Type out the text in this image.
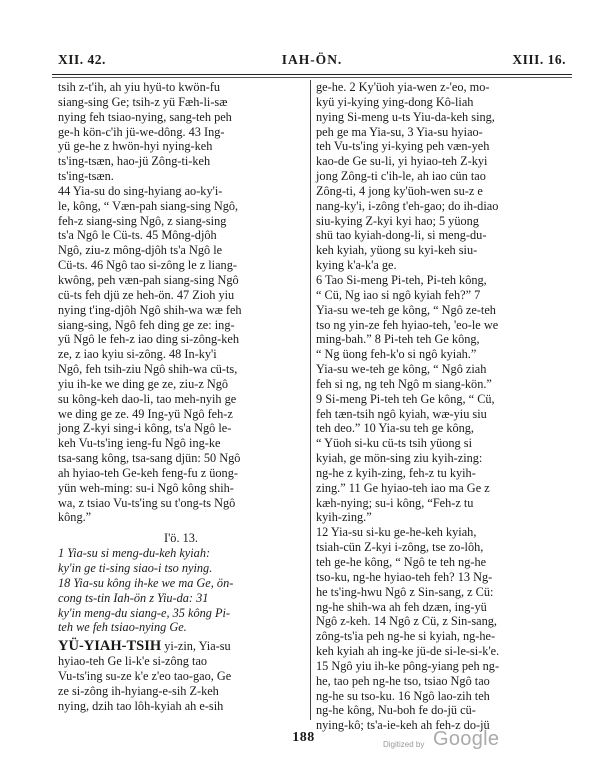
XII. 42.	IAH-ÖN.	XIII. 16.
tsih z-t'ih, ah yiu hyü-to kwön-fu
siang-sing Ge; tsih-z yü Fæh-li-sæ
nying feh tsiao-nying, sang-teh peh
ge-h kön-c'ih jü-we-dông. 43 Ing-
yü ge-he z hwön-hyi nying-keh
ts'ing-tsæn, hao-jü Zông-ti-keh
ts'ing-tsæn.
44 Yia-su do sing-hyiang ao-ky'i-
le, kông, “ Væn-pah siang-sing Ngô,
feh-z siang-sing Ngô, z siang-sing
ts'a Ngô le Cü-ts. 45 Mông-djôh
Ngô, ziu-z mông-djôh ts'a Ngô le
Cü-ts. 46 Ngô tao si-zông le z liang-
kwông, peh væn-pah siang-sing Ngô
cü-ts feh djü ze heh-ön. 47 Zioh yiu
nying t'ing-djôh Ngô shih-wa wæ feh
siang-sing, Ngô feh ding ge ze: ing-
yü Ngô le feh-z iao ding si-zông-keh
ze, z iao kyiu si-zông. 48 In-ky'i
Ngô, feh tsih-ziu Ngô shih-wa cü-ts,
yiu ih-ke we ding ge ze, ziu-z Ngô
su kông-keh dao-li, tao meh-nyih ge
we ding ge ze. 49 Ing-yü Ngô feh-z
jong Z-kyi sing-i kông, ts'a Ngô le-
keh Vu-ts'ing ieng-fu Ngô ing-ke
tsa-sang kông, tsa-sang djün: 50 Ngô
ah hyiao-teh Ge-keh feng-fu z üong-
yün weh-ming: su-i Ngô kông shih-
wa, z tsiao Vu-ts'ing su t'ong-ts Ngô
kông.”
I'ö. 13.
1 Yia-su si meng-du-keh kyiah:
ky'in ge ti-sing siao-i tso nying.
18 Yia-su kông ih-ke we ma Ge, ön-
cong ts-tin Iah-ön z Yiu-da: 31
ky'in meng-du siang-e, 35 kông Pi-
teh we feh tsiao-nying Ge.
YÜ-YIAH-TSIH yi-zin, Yia-su
hyiao-teh Ge li-k'e si-zông tao
Vu-ts'ing su-ze k'e z'eo tao-gao, Ge
ze si-zông ih-hyiang-e-sih Z-keh
nying, dzih tao lôh-kyiah ah e-sih
ge-he. 2 Ky'üoh yia-wen z-'eo, mo-
kyü yi-kying ying-dong Kô-liah
nying Si-meng u-ts Yiu-da-keh sing,
peh ge ma Yia-su, 3 Yia-su hyiao-
teh Vu-ts'ing yi-kying peh væn-yeh
kao-de Ge su-li, yi hyiao-teh Z-kyi
jong Zông-ti c'ih-le, ah iao cün tao
Zông-ti, 4 jong ky'üoh-wen su-z e
nang-ky'i, i-zông t'eh-gao; do ih-diao
siu-kying Z-kyi kyi hao; 5 yüong
shü tao kyiah-dong-li, si meng-du-
keh kyiah, yüong su kyi-keh siu-
kying k'a-k'a ge.
6 Tao Si-meng Pi-teh, Pi-teh kông,
“ Cü, Ng iao si ngô kyiah feh?” 7
Yia-su we-teh ge kông, “ Ngô ze-teh
tso ng yin-ze feh hyiao-teh, 'eo-le we
ming-bah.” 8 Pi-teh teh Ge kông,
“ Ng üong feh-k'o si ngô kyiah.”
Yia-su we-teh ge kông, “ Ngô ziah
feh si ng, ng teh Ngô m siang-kön.”
9 Si-meng Pi-teh teh Ge kông, “ Cü,
feh tæn-tsih ngô kyiah, wæ-yiu siu
teh deo.” 10 Yia-su teh ge kông,
“ Yüoh si-ku cü-ts tsih yüong si
kyiah, ge mön-sing ziu kyih-zing:
ng-he z kyih-zing, feh-z tu kyih-
zing.” 11 Ge hyiao-teh iao ma Ge z
kæh-nying; su-i kông, “Feh-z tu
kyih-zing.”
12 Yia-su si-ku ge-he-keh kyiah,
tsiah-cün Z-kyi i-zông, tse zo-lôh,
teh ge-he kông, “ Ngô te teh ng-he
tso-ku, ng-he hyiao-teh feh? 13 Ng-
he ts'ing-hwu Ngô z Sin-sang, z Cü:
ng-he shih-wa ah feh dzæn, ing-yü
Ngô z-keh. 14 Ngô z Cü, z Sin-sang,
zông-ts'ia peh ng-he si kyiah, ng-he-
keh kyiah ah ing-ke jü-de si-le-si-k'e.
15 Ngô yiu ih-ke pông-yiang peh ng-
he, tao peh ng-he tso, tsiao Ngô tao
ng-he su tso-ku. 16 Ngô lao-zih teh
ng-he kông, Nu-boh fe do-jü cü-
nying-kô; ts'a-ie-keh ah feh-z do-jü
188	Digitized by Google
